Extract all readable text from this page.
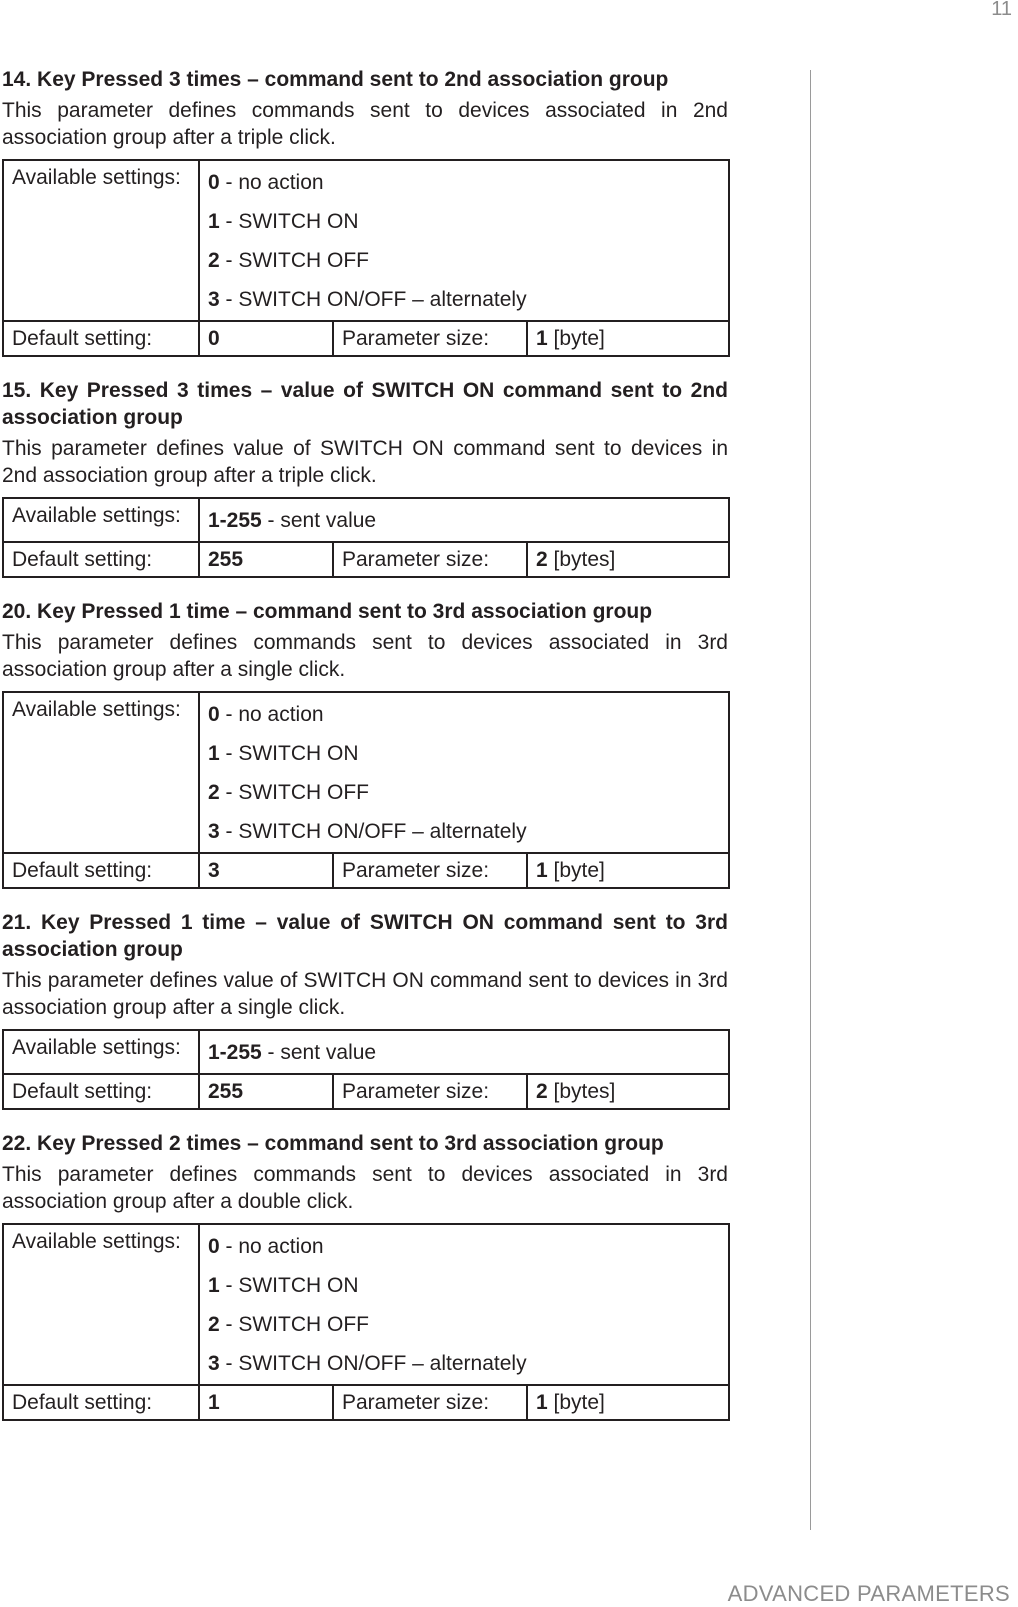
11

14. Key Pressed 3 times – command sent to 2nd association group

This parameter defines commands sent to devices associated in 2nd association group after a triple click.

Available settings:	0 - no action
1 - SWITCH ON
2 - SWITCH OFF
3 - SWITCH ON/OFF – alternately		

Default setting:	0	Parameter size:	1 [byte]

15. Key Pressed 3 times – value of SWITCH ON command sent to 2nd association group

This parameter defines value of SWITCH ON command sent to devices in 2nd association group after a triple click.

Available settings:	1-255 - sent value		

Default setting:	255	Parameter size:	2 [bytes]

20. Key Pressed 1 time – command sent to 3rd association group

This parameter defines commands sent to devices associated in 3rd association group after a single click.

Available settings:	0 - no action
1 - SWITCH ON
2 - SWITCH OFF
3 - SWITCH ON/OFF – alternately		

Default setting:	3	Parameter size:	1 [byte]

21. Key Pressed 1 time – value of SWITCH ON command sent to 3rd association group

This parameter defines value of SWITCH ON command sent to devices in 3rd association group after a single click.

Available settings:	1-255 - sent value		

Default setting:	255	Parameter size:	2 [bytes]

22. Key Pressed 2 times – command sent to 3rd association group

This parameter defines commands sent to devices associated in 3rd association group after a double click.

Available settings:	0 - no action
1 - SWITCH ON
2 - SWITCH OFF
3 - SWITCH ON/OFF – alternately		

Default setting:	1	Parameter size:	1 [byte]
ADVANCED PARAMETERS
